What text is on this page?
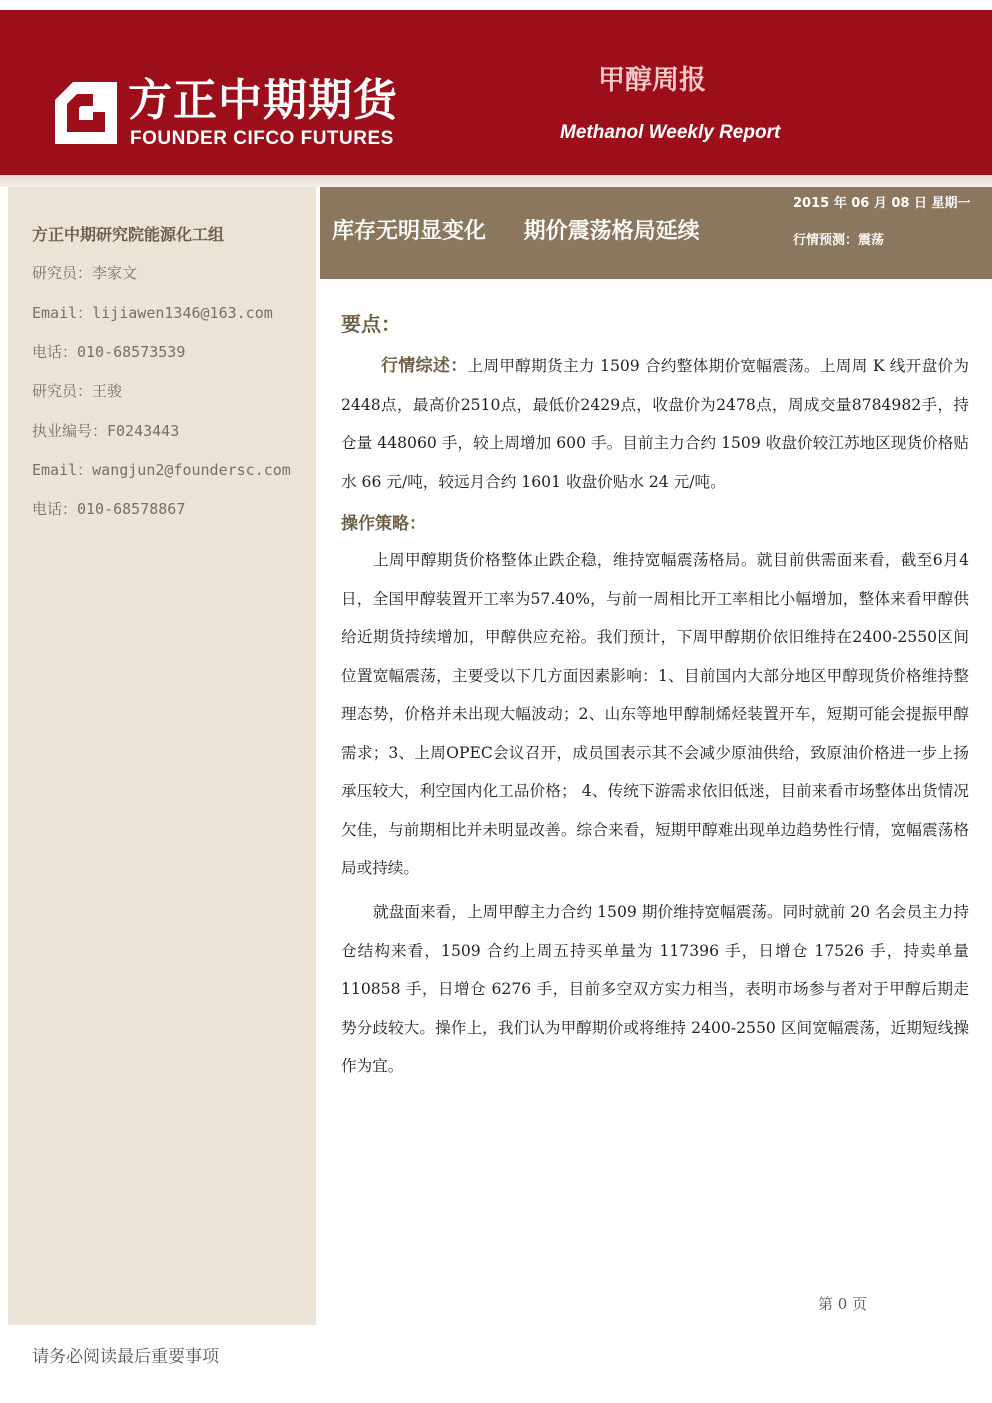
方正中期期货
FOUNDER CIFCO FUTURES
甲醇周报
Methanol Weekly Report
方正中期研究院能源化工组
研究员：李家文
Email：lijiawen1346@163.com
电话：010-68573539
研究员：王骏
执业编号：F0243443
Email：wangjun2@foundersc.com
电话：010-68578867
库存无明显变化 期价震荡格局延续
2015 年 06 月 08 日 星期一
行情预测：震荡
要点：

行情综述：上周甲醇期货主力 1509 合约整体期价宽幅震荡。上周周 K 线开盘价为2448点，最高价2510点，最低价2429点，收盘价为2478点，周成交量8784982手，持仓量 448060 手，较上周增加 600 手。目前主力合约 1509 收盘价较江苏地区现货价格贴水 66 元/吨，较远月合约 1601 收盘价贴水 24 元/吨。

操作策略：

上周甲醇期货价格整体止跌企稳，维持宽幅震荡格局。就目前供需面来看，截至6月4日，全国甲醇装置开工率为57.40%，与前一周相比开工率相比小幅增加，整体来看甲醇供给近期货持续增加，甲醇供应充裕。我们预计，下周甲醇期价依旧维持在2400-2550区间位置宽幅震荡，主要受以下几方面因素影响：1、目前国内大部分地区甲醇现货价格维持整理态势，价格并未出现大幅波动；2、山东等地甲醇制烯烃装置开车，短期可能会提振甲醇需求；3、上周OPEC会议召开，成员国表示其不会减少原油供给，致原油价格进一步上扬承压较大，利空国内化工品价格； 4、传统下游需求依旧低迷，目前来看市场整体出货情况欠佳，与前期相比并未明显改善。综合来看，短期甲醇难出现单边趋势性行情，宽幅震荡格局或持续。

就盘面来看，上周甲醇主力合约 1509 期价维持宽幅震荡。同时就前 20 名会员主力持仓结构来看，1509 合约上周五持买单量为 117396 手，日增仓 17526 手，持卖单量 110858 手，日增仓 6276 手，目前多空双方实力相当，表明市场参与者对于甲醇后期走势分歧较大。操作上，我们认为甲醇期价或将维持 2400-2550 区间宽幅震荡，近期短线操作为宜。

第 0 页
请务必阅读最后重要事项
